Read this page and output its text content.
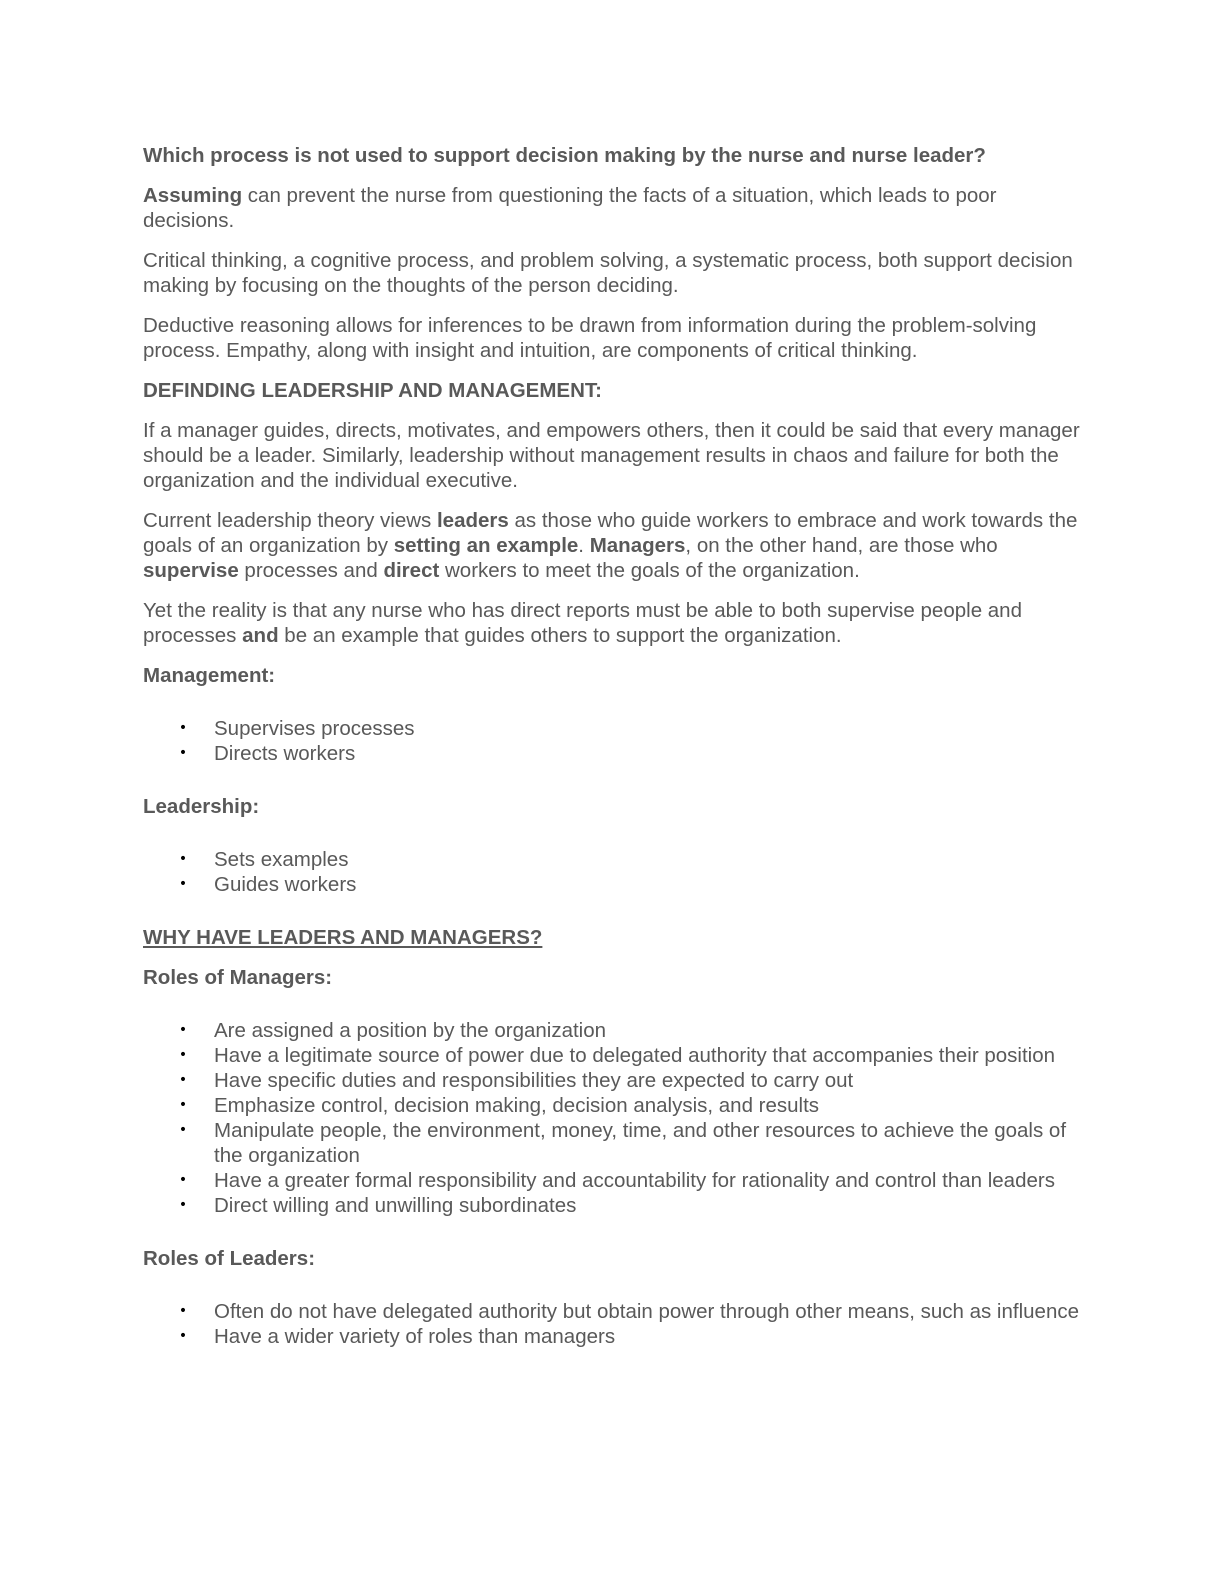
Which process is not used to support decision making by the nurse and nurse leader?

Assuming can prevent the nurse from questioning the facts of a situation, which leads to poor decisions.

Critical thinking, a cognitive process, and problem solving, a systematic process, both support decision making by focusing on the thoughts of the person deciding.

Deductive reasoning allows for inferences to be drawn from information during the problem-solving process. Empathy, along with insight and intuition, are components of critical thinking.

DEFINDING LEADERSHIP AND MANAGEMENT:

If a manager guides, directs, motivates, and empowers others, then it could be said that every manager should be a leader. Similarly, leadership without management results in chaos and failure for both the organization and the individual executive.

Current leadership theory views leaders as those who guide workers to embrace and work towards the goals of an organization by setting an example. Managers, on the other hand, are those who supervise processes and direct workers to meet the goals of the organization.

Yet the reality is that any nurse who has direct reports must be able to both supervise people and processes and be an example that guides others to support the organization.

Management:

• Supervises processes
• Directs workers

Leadership:

• Sets examples
• Guides workers

WHY HAVE LEADERS AND MANAGERS?

Roles of Managers:

• Are assigned a position by the organization
• Have a legitimate source of power due to delegated authority that accompanies their position
• Have specific duties and responsibilities they are expected to carry out
• Emphasize control, decision making, decision analysis, and results
• Manipulate people, the environment, money, time, and other resources to achieve the goals of the organization
• Have a greater formal responsibility and accountability for rationality and control than leaders
• Direct willing and unwilling subordinates

Roles of Leaders:

• Often do not have delegated authority but obtain power through other means, such as influence
• Have a wider variety of roles than managers
